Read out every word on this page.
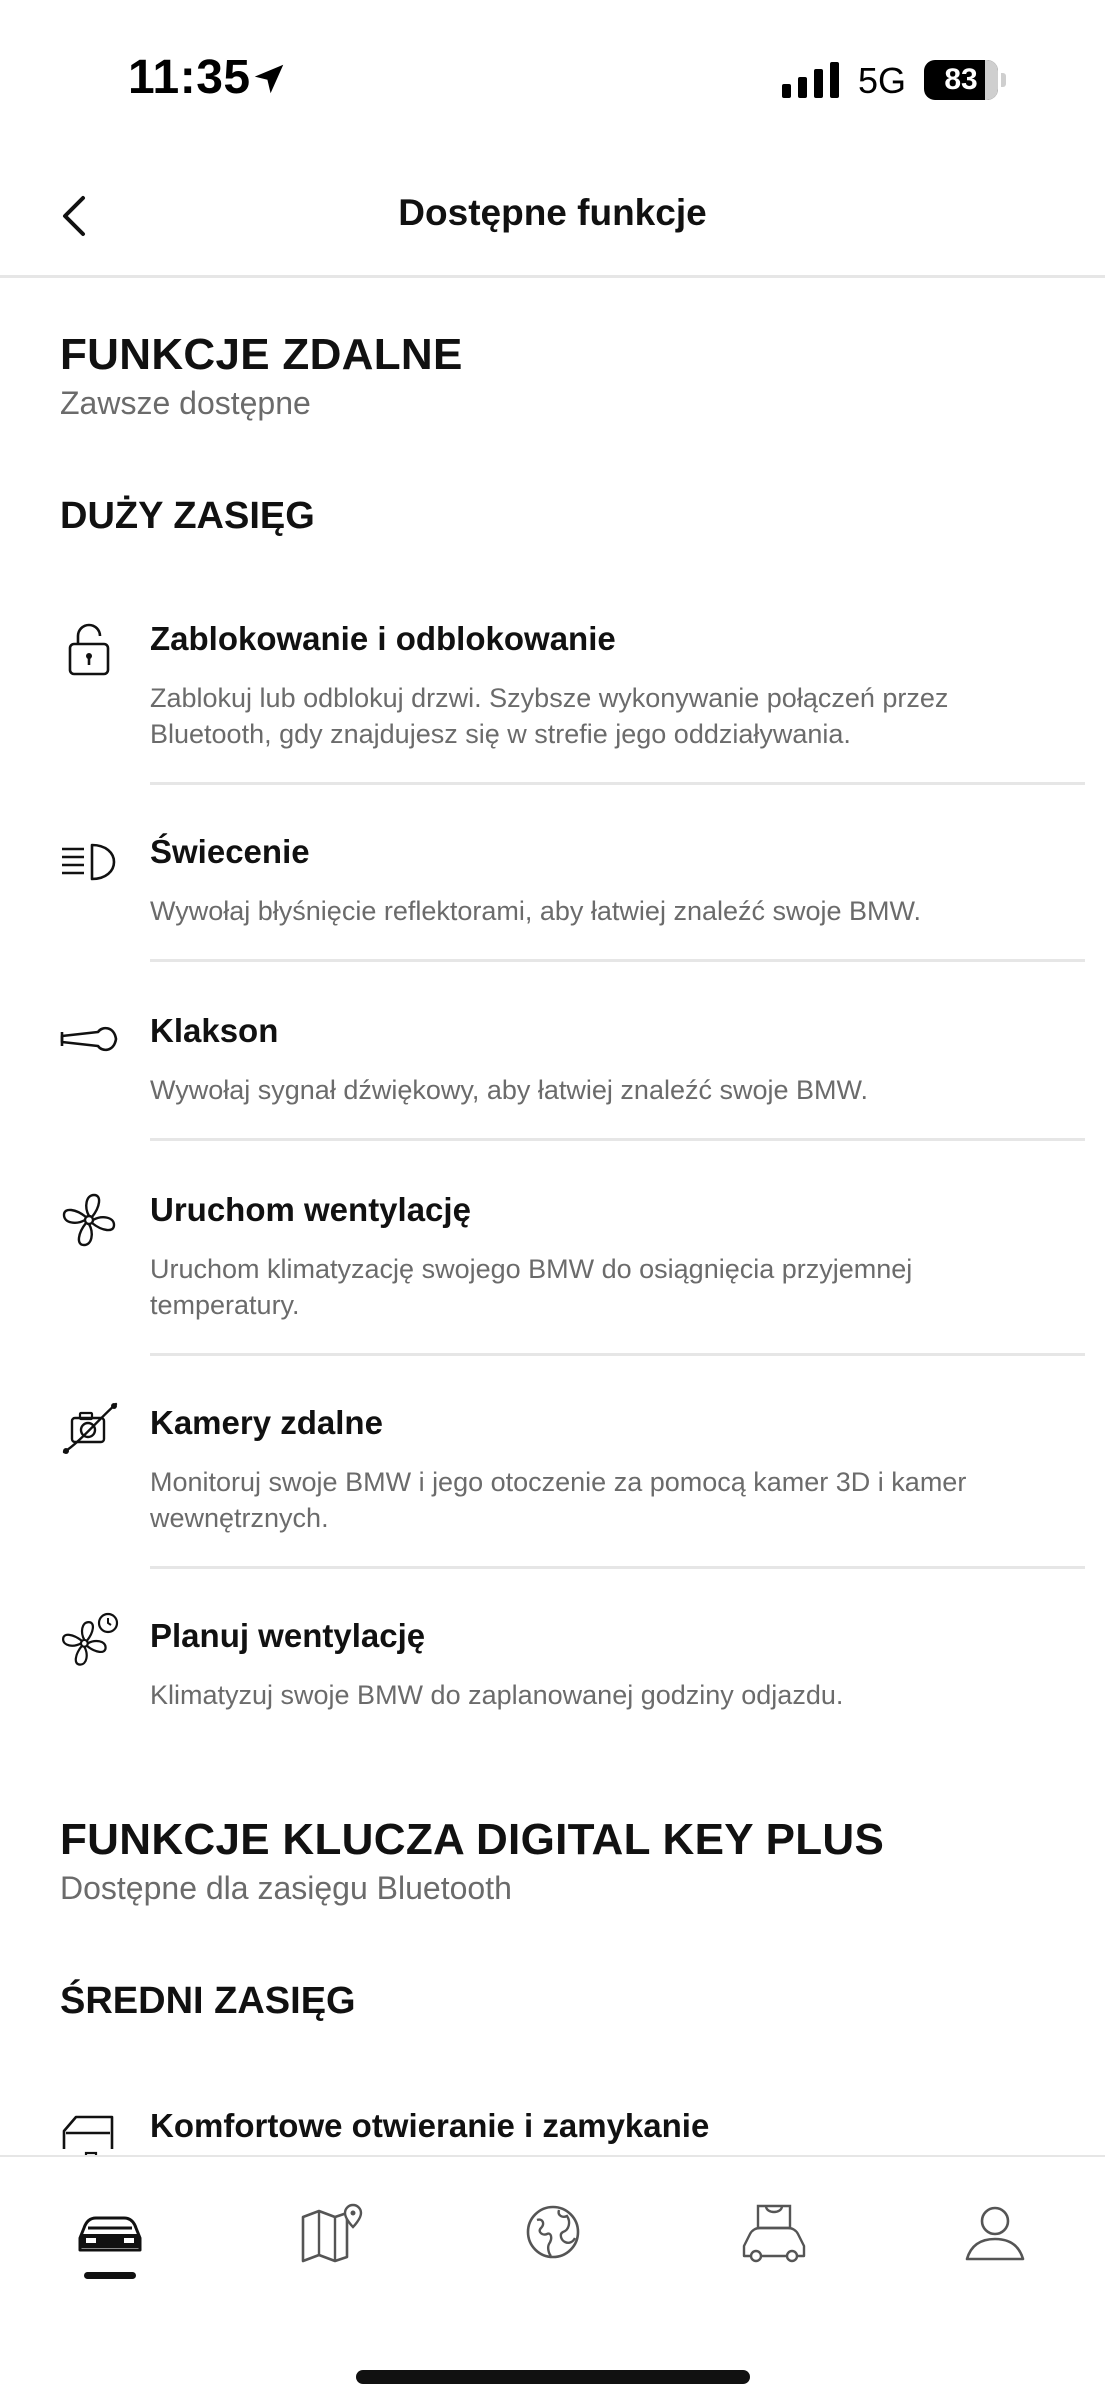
11:35	5G	83
Dostępne funkcje
FUNKCJE ZDALNE
Zawsze dostępne
DUŻY ZASIĘG
Zablokowanie i odblokowanie
Zablokuj lub odblokuj drzwi. Szybsze wykonywanie połączeń przez Bluetooth, gdy znajdujesz się w strefie jego oddziaływania.
Świecenie
Wywołaj błyśnięcie reflektorami, aby łatwiej znaleźć swoje BMW.
Klakson
Wywołaj sygnał dźwiękowy, aby łatwiej znaleźć swoje BMW.
Uruchom wentylację
Uruchom klimatyzację swojego BMW do osiągnięcia przyjemnej temperatury.
Kamery zdalne
Monitoruj swoje BMW i jego otoczenie za pomocą kamer 3D i kamer wewnętrznych.
Planuj wentylację
Klimatyzuj swoje BMW do zaplanowanej godziny odjazdu.
FUNKCJE KLUCZA DIGITAL KEY PLUS
Dostępne dla zasięgu Bluetooth
ŚREDNI ZASIĘG
Komfortowe otwieranie i zamykanie
